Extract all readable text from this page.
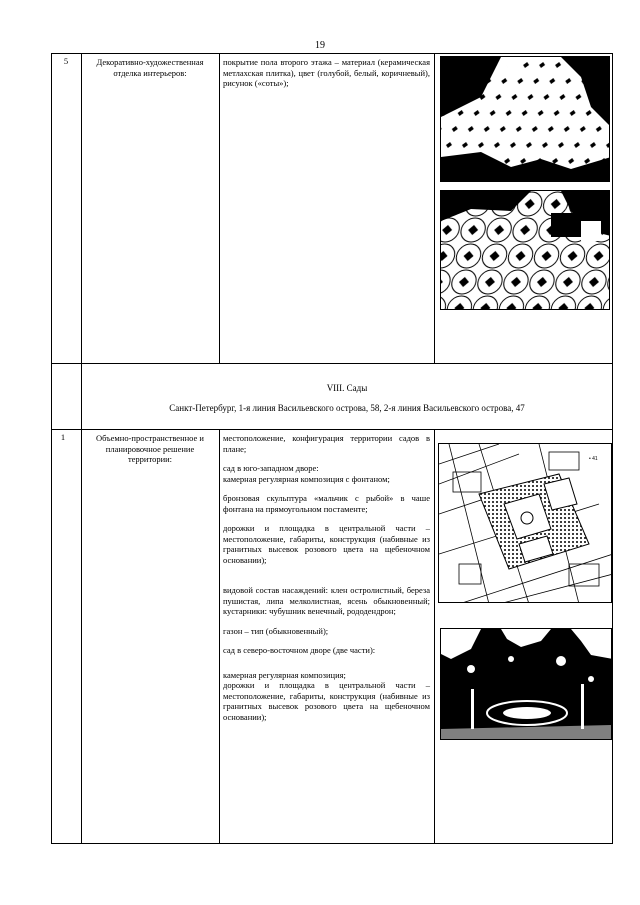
19
5	Декоративно-художественная отделка интерьеров:
покрытие пола второго этажа – материал (керамическая метлахская плитка), цвет (голубой, белый, коричневый), рисунок («соты»);
VIII. Сады
Санкт-Петербург, 1-я линия Васильевского острова, 58, 2-я линия Васильевского острова, 47
1	Объемно-пространственное и планировочное решение территории:

местоположение, конфигурация территории садов в плане;

сад в юго-западном дворе:

камерная регулярная композиция с фонтаном;

бронзовая скульптура «мальчик с рыбой» в чаше фонтана на прямоугольном постаменте;

дорожки и площадка в центральной части – местоположение, габариты, конструкция (набивные из гранитных высевок розового цвета на щебеночном основании);

видовой состав насаждений: клен остролистный, береза пушистая, липа мелколистная, ясень обыкновенный; кустарники: чубушник венечный, рододендрон;

газон – тип (обыкновенный);

сад в северо-восточном дворе (две части):

камерная регулярная композиция;

дорожки и площадка в центральной части – местоположение, габариты, конструкция (набивные из гранитных высевок розового цвета на щебеночном основании);

• 41
